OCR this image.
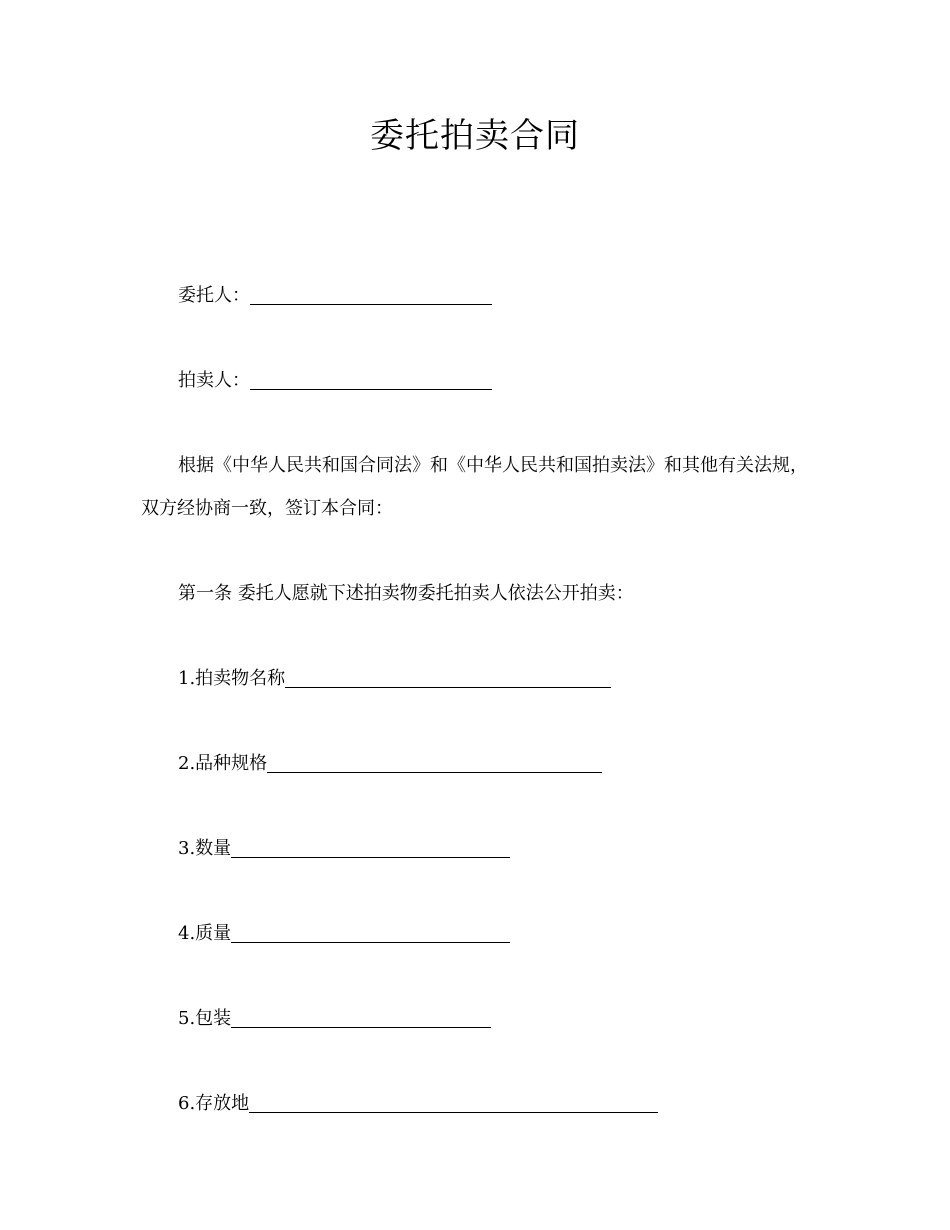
委托拍卖合同
委托人：
拍卖人：
根据《中华人民共和国合同法》和《中华人民共和国拍卖法》和其他有关法规，
双方经协商一致，签订本合同：
第一条 委托人愿就下述拍卖物委托拍卖人依法公开拍卖：
1.拍卖物名称
2.品种规格
3.数量
4.质量
5.包装
6.存放地
